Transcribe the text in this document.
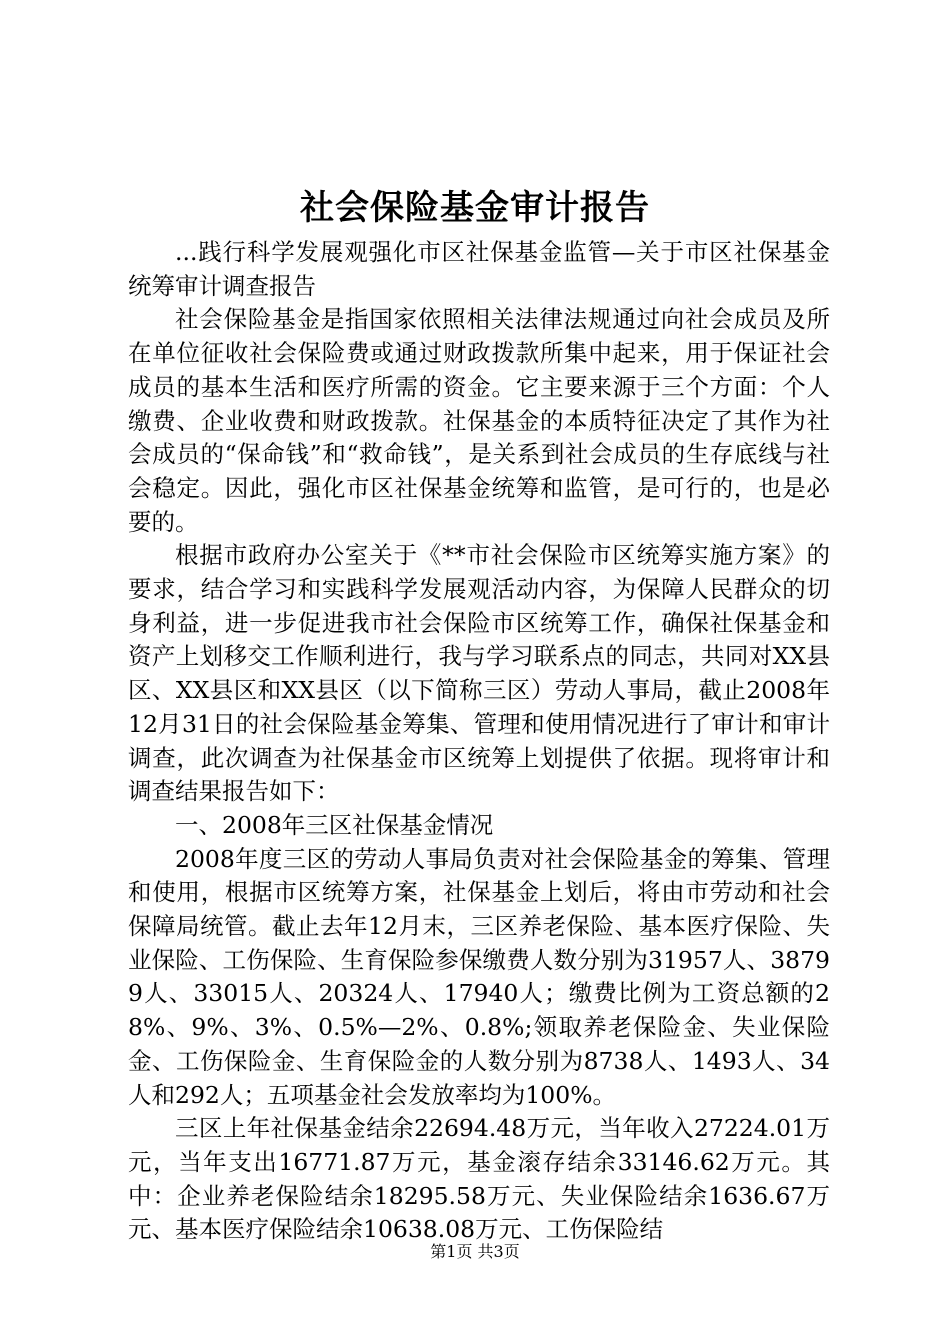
社会保险基金审计报告

...践行科学发展观强化市区社保基金监管—关于市区社保基金统筹审计调查报告

社会保险基金是指国家依照相关法律法规通过向社会成员及所在单位征收社会保险费或通过财政拨款所集中起来，用于保证社会成员的基本生活和医疗所需的资金。它主要来源于三个方面：个人缴费、企业收费和财政拨款。社保基金的本质特征决定了其作为社会成员的“保命钱”和“救命钱”，是关系到社会成员的生存底线与社会稳定。因此，强化市区社保基金统筹和监管，是可行的，也是必要的。

根据市政府办公室关于《**市社会保险市区统筹实施方案》的要求，结合学习和实践科学发展观活动内容，为保障人民群众的切身利益，进一步促进我市社会保险市区统筹工作，确保社保基金和资产上划移交工作顺利进行，我与学习联系点的同志，共同对XX县区、XX县区和XX县区（以下简称三区）劳动人事局，截止2008年12月31日的社会保险基金筹集、管理和使用情况进行了审计和审计调查，此次调查为社保基金市区统筹上划提供了依据。现将审计和调查结果报告如下：

一、2008年三区社保基金情况

2008年度三区的劳动人事局负责对社会保险基金的筹集、管理和使用，根据市区统筹方案，社保基金上划后，将由市劳动和社会保障局统管。截止去年12月末，三区养老保险、基本医疗保险、失业保险、工伤保险、生育保险参保缴费人数分别为31957人、38799人、33015人、20324人、17940人；缴费比例为工资总额的28%、9%、3%、0.5%—2%、0.8%;领取养老保险金、失业保险金、工伤保险金、生育保险金的人数分别为8738人、1493人、34人和292人；五项基金社会发放率均为100%。

三区上年社保基金结余22694.48万元，当年收入27224.01万元，当年支出16771.87万元，基金滚存结余33146.62万元。其中：企业养老保险结余18295.58万元、失业保险结余1636.67万元、基本医疗保险结余10638.08万元、工伤保险结

第1页 共3页
